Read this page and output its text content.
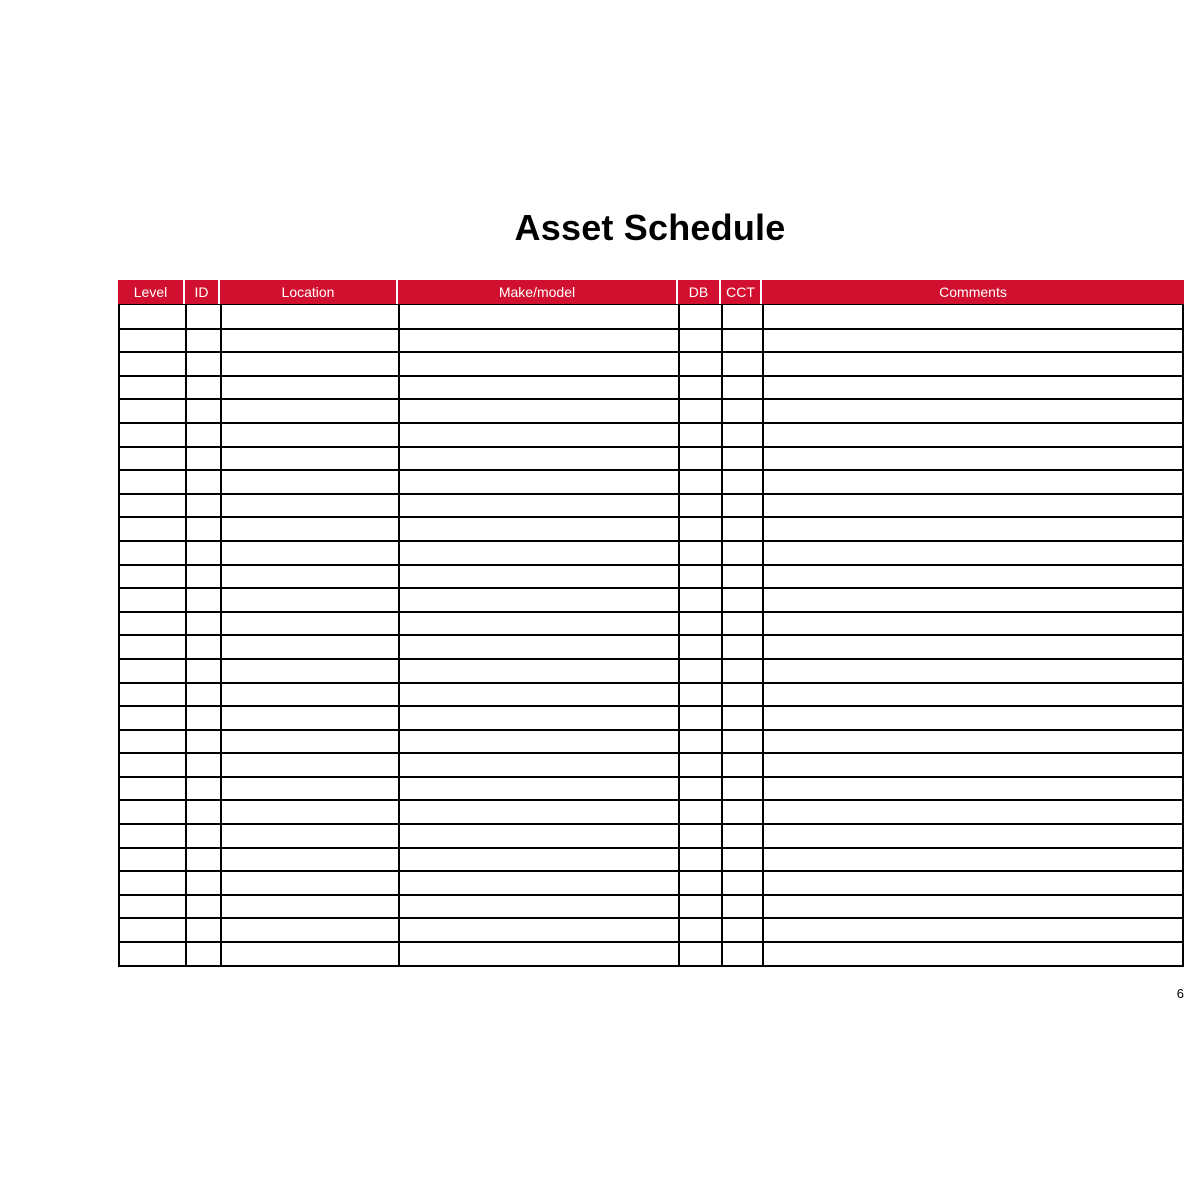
Asset Schedule
Level	ID	Location	Make/model	DB	CCT	Comments
6
